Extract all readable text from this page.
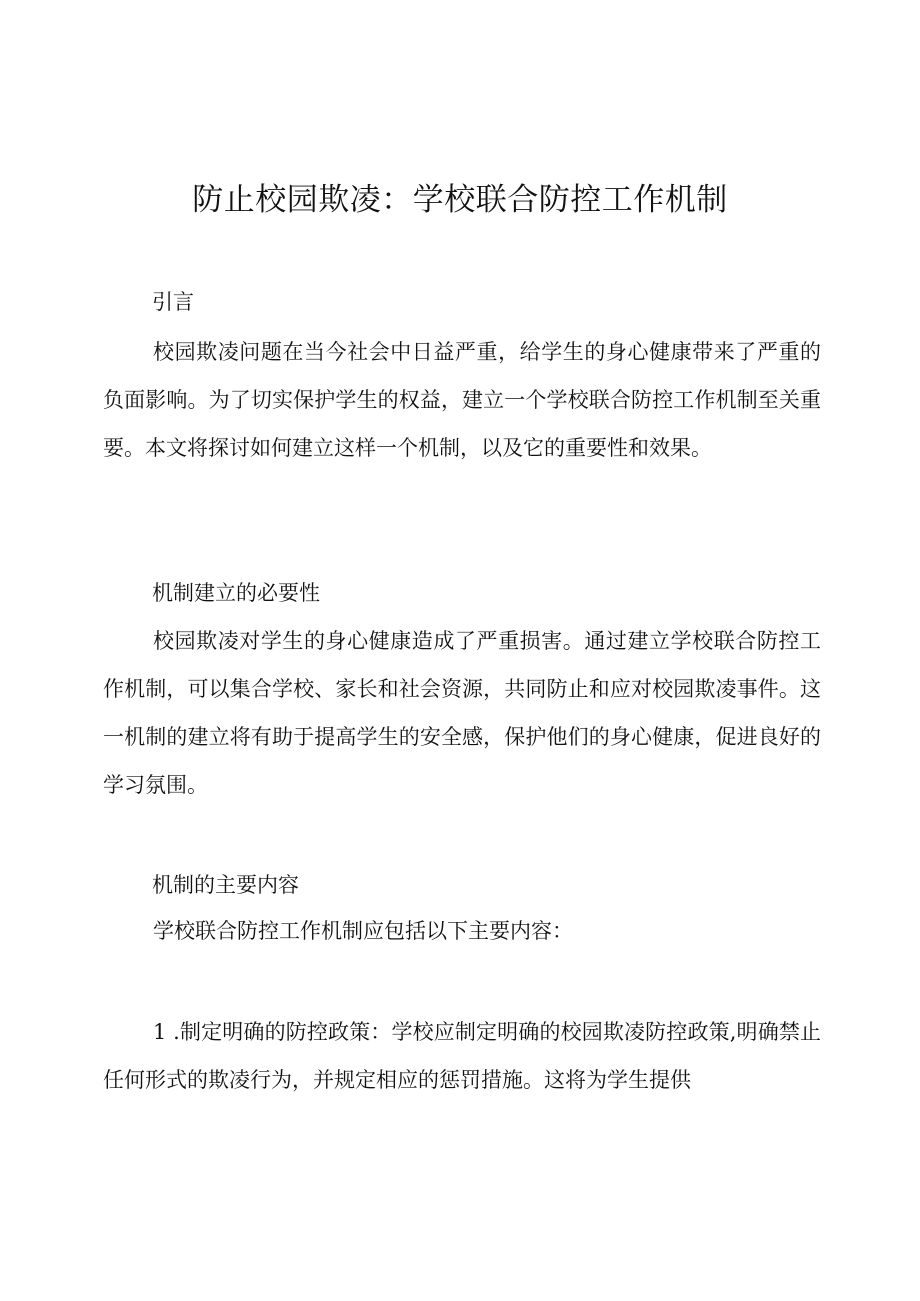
防止校园欺凌：学校联合防控工作机制
引言

校园欺凌问题在当今社会中日益严重，给学生的身心健康带来了严重的负面影响。为了切实保护学生的权益，建立一个学校联合防控工作机制至关重要。本文将探讨如何建立这样一个机制，以及它的重要性和效果。

机制建立的必要性

校园欺凌对学生的身心健康造成了严重损害。通过建立学校联合防控工作机制，可以集合学校、家长和社会资源，共同防止和应对校园欺凌事件。这一机制的建立将有助于提高学生的安全感，保护他们的身心健康，促进良好的学习氛围。

机制的主要内容
学校联合防控工作机制应包括以下主要内容：

1 .制定明确的防控政策：学校应制定明确的校园欺凌防控政策,明确禁止任何形式的欺凌行为，并规定相应的惩罚措施。这将为学生提供
